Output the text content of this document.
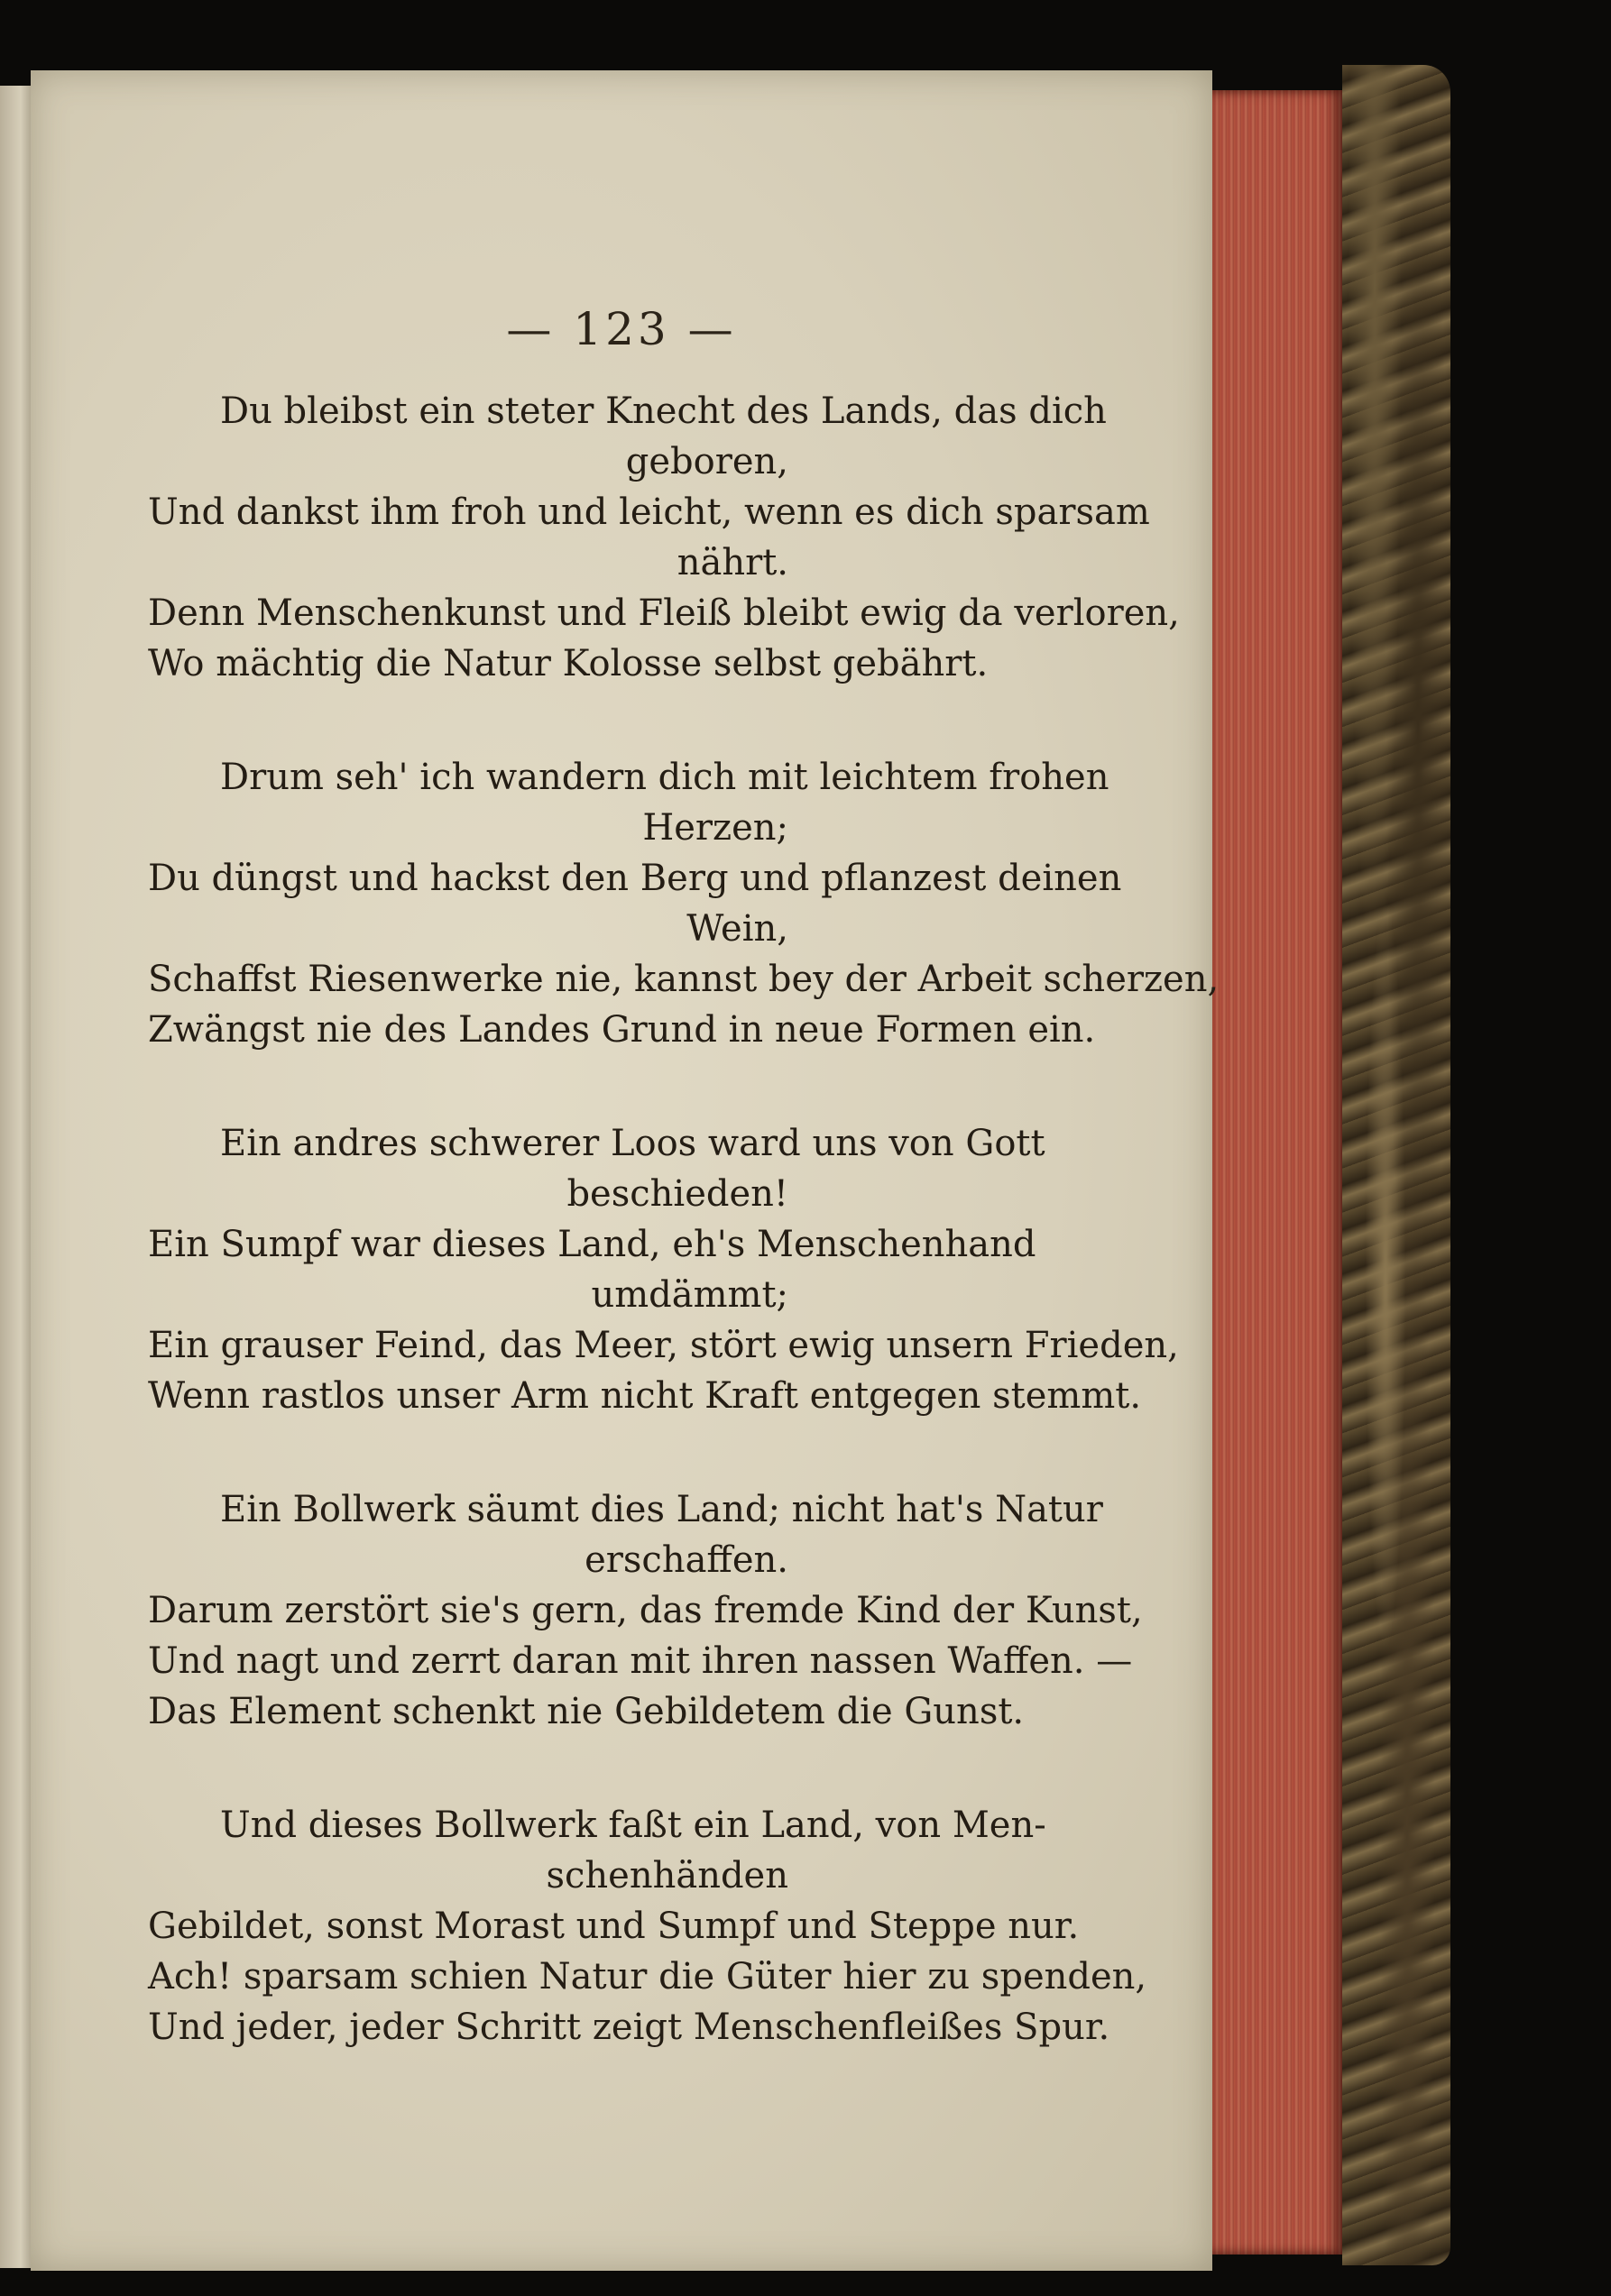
— 123 —
Du bleibst ein steter Knecht des Lands, das dich
geboren,
Und dankst ihm froh und leicht, wenn es dich sparsam
nährt.
Denn Menschenkunst und Fleiß bleibt ewig da verloren,
Wo mächtig die Natur Kolosse selbst gebährt.
Drum seh' ich wandern dich mit leichtem frohen
Herzen;
Du düngst und hackst den Berg und pflanzest deinen
Wein,
Schaffst Riesenwerke nie, kannst bey der Arbeit scherzen,
Zwängst nie des Landes Grund in neue Formen ein.
Ein andres schwerer Loos ward uns von Gott
beschieden!
Ein Sumpf war dieses Land, eh's Menschenhand
umdämmt;
Ein grauser Feind, das Meer, stört ewig unsern Frieden,
Wenn rastlos unser Arm nicht Kraft entgegen stemmt.
Ein Bollwerk säumt dies Land; nicht hat's Natur
erschaffen.
Darum zerstört sie's gern, das fremde Kind der Kunst,
Und nagt und zerrt daran mit ihren nassen Waffen. —
Das Element schenkt nie Gebildetem die Gunst.
Und dieses Bollwerk faßt ein Land, von Men-
schenhänden
Gebildet, sonst Morast und Sumpf und Steppe nur.
Ach! sparsam schien Natur die Güter hier zu spenden,
Und jeder, jeder Schritt zeigt Menschenfleißes Spur.
